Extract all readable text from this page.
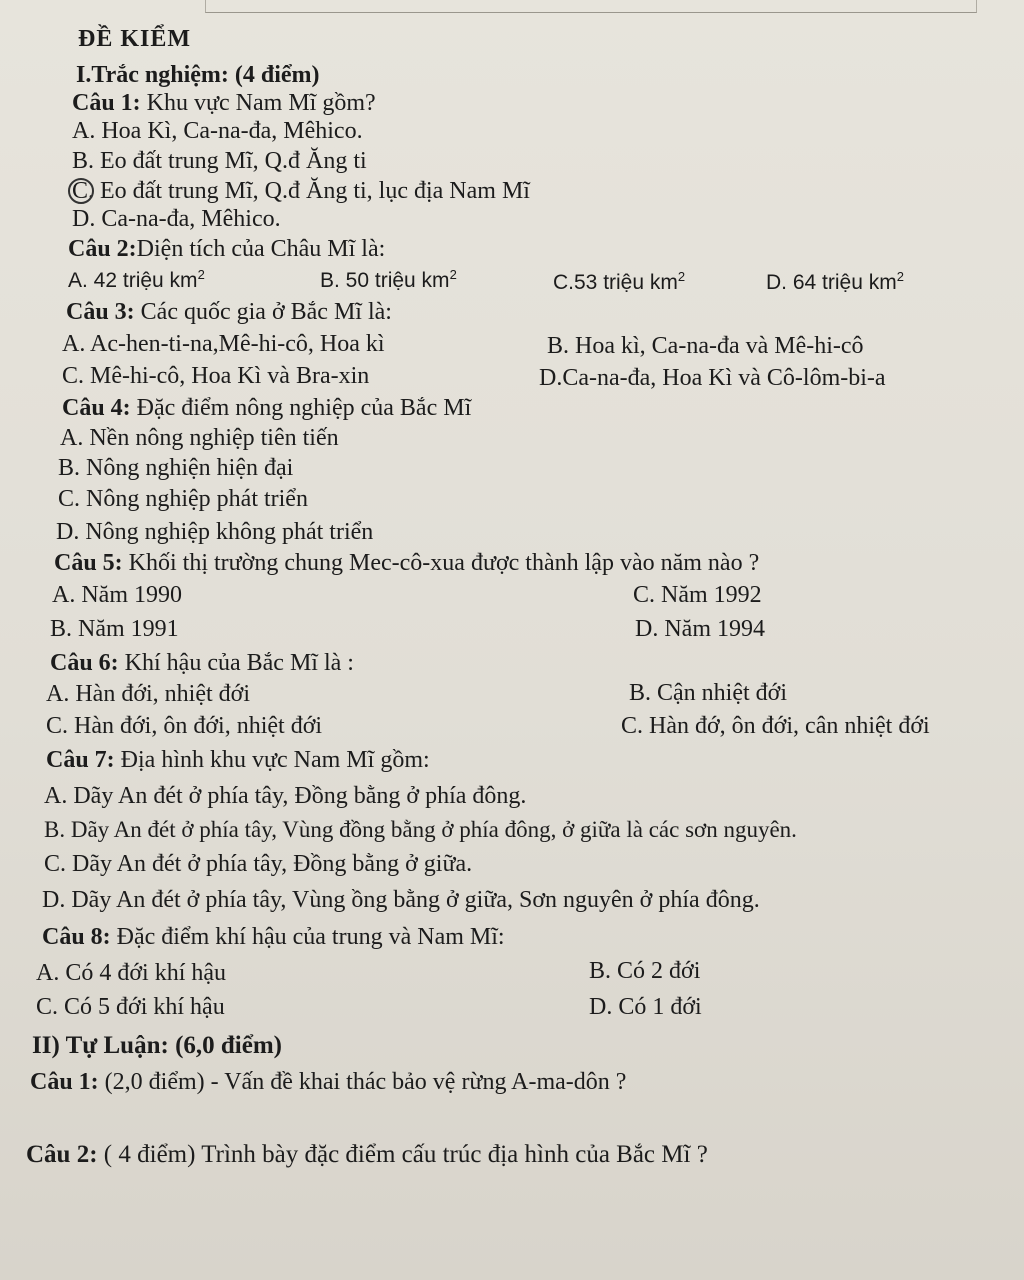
ĐỀ KIỂM
I.Trắc nghiệm: (4 điểm)
Câu 1: Khu vực Nam Mĩ gồm?
A. Hoa Kì, Ca-na-đa, Mêhico.
B. Eo đất trung Mĩ, Q.đ Ăng ti
C. Eo đất trung Mĩ, Q.đ Ăng ti, lục địa Nam Mĩ
D. Ca-na-đa, Mêhico.
Câu 2:Diện tích của Châu Mĩ là:
A. 42 triệu $km^2$	B. 50 triệu $km^2$	C.53 triệu $km^2$	D. 64 triệu $km^2$
Câu 3: Các quốc gia ở Bắc Mĩ là:
A. Ac-hen-ti-na,Mê-hi-cô, Hoa kì	B. Hoa kì, Ca-na-đa và Mê-hi-cô
C. Mê-hi-cô, Hoa Kì và Bra-xin	D.Ca-na-đa, Hoa Kì và Cô-lôm-bi-a
Câu 4: Đặc điểm nông nghiệp của Bắc Mĩ
A. Nền nông nghiệp tiên tiến
B. Nông nghiện hiện đại
C. Nông nghiệp phát triển
D. Nông nghiệp không phát triển
Câu 5: Khối thị trường chung Mec-cô-xua được thành lập vào năm nào ?
A. Năm 1990	C. Năm 1992
B. Năm 1991	D. Năm 1994
Câu 6: Khí hậu của Bắc Mĩ là :
A. Hàn đới, nhiệt đới	B. Cận nhiệt đới
C. Hàn đới, ôn đới, nhiệt đới	C. Hàn đớ, ôn đới, cân nhiệt đới
Câu 7: Địa hình khu vực Nam Mĩ gồm:
A. Dãy An đét ở phía tây, Đồng bằng ở phía đông.
B. Dãy An đét ở phía tây, Vùng đồng bằng ở phía đông, ở giữa là các sơn nguyên.
C. Dãy An đét ở phía tây, Đồng bằng ở giữa.
D. Dãy An đét ở phía tây, Vùng ồng bằng ở giữa, Sơn nguyên ở phía đông.
Câu 8: Đặc điểm khí hậu của trung và Nam Mĩ:
A. Có 4 đới khí hậu	B. Có 2 đới
C. Có 5 đới khí hậu	D. Có 1 đới
II) Tự Luận: (6,0 điểm)
Câu 1: (2,0 điểm) - Vấn đề khai thác bảo vệ rừng A-ma-dôn ?
Câu 2: ( 4 điểm) Trình bày đặc điểm cấu trúc địa hình của Bắc Mĩ ?
